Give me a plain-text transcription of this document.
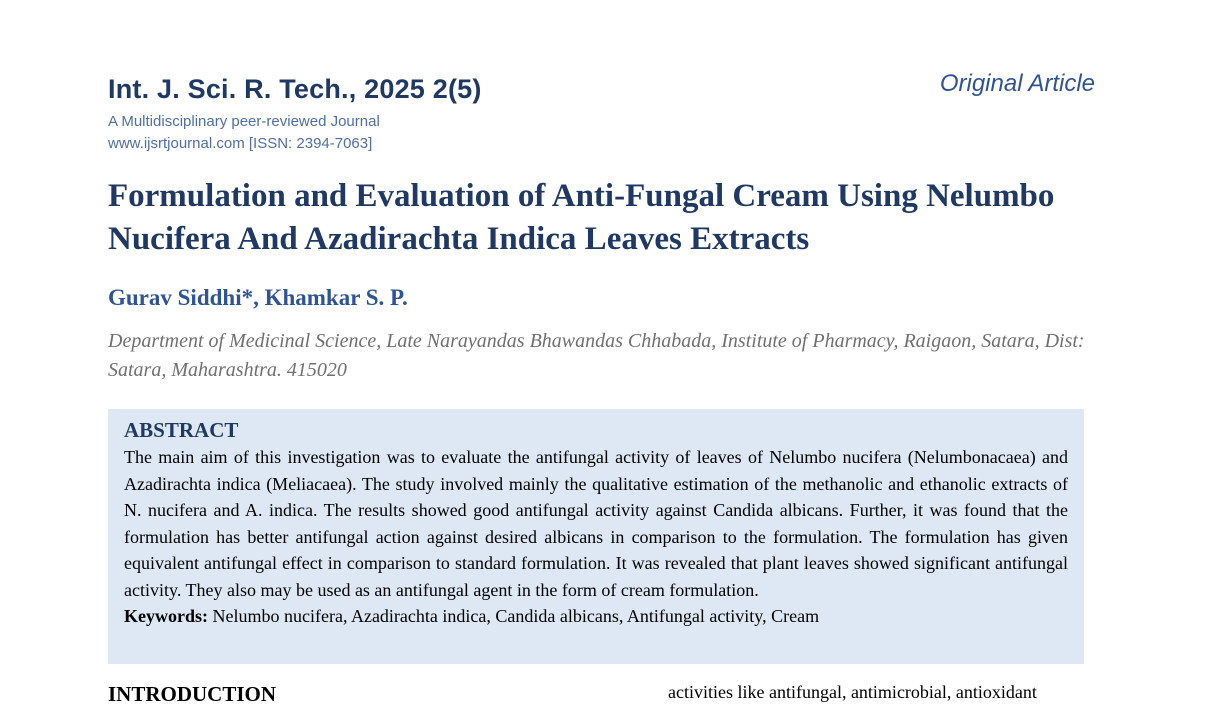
Int. J. Sci. R. Tech., 2025 2(5)	Original Article
A Multidisciplinary peer-reviewed Journal
www.ijsrtjournal.com [ISSN: 2394-7063]
Formulation and Evaluation of Anti-Fungal Cream Using Nelumbo Nucifera And Azadirachta Indica Leaves Extracts
Gurav Siddhi*, Khamkar S. P.

Department of Medicinal Science, Late Narayandas Bhawandas Chhabada, Institute of Pharmacy, Raigaon, Satara, Dist: Satara, Maharashtra. 415020

ABSTRACT

The main aim of this investigation was to evaluate the antifungal activity of leaves of Nelumbo nucifera (Nelumbonacaea) and Azadirachta indica (Meliacaea). The study involved mainly the qualitative estimation of the methanolic and ethanolic extracts of N. nucifera and A. indica. The results showed good antifungal activity against Candida albicans. Further, it was found that the formulation has better antifungal action against desired albicans in comparison to the formulation. The formulation has given equivalent antifungal effect in comparison to standard formulation. It was revealed that plant leaves showed significant antifungal activity. They also may be used as an antifungal agent in the form of cream formulation.

Keywords: Nelumbo nucifera, Azadirachta indica, Candida albicans, Antifungal activity, Cream

INTRODUCTION	activities like antifungal, antimicrobial, antioxidant
